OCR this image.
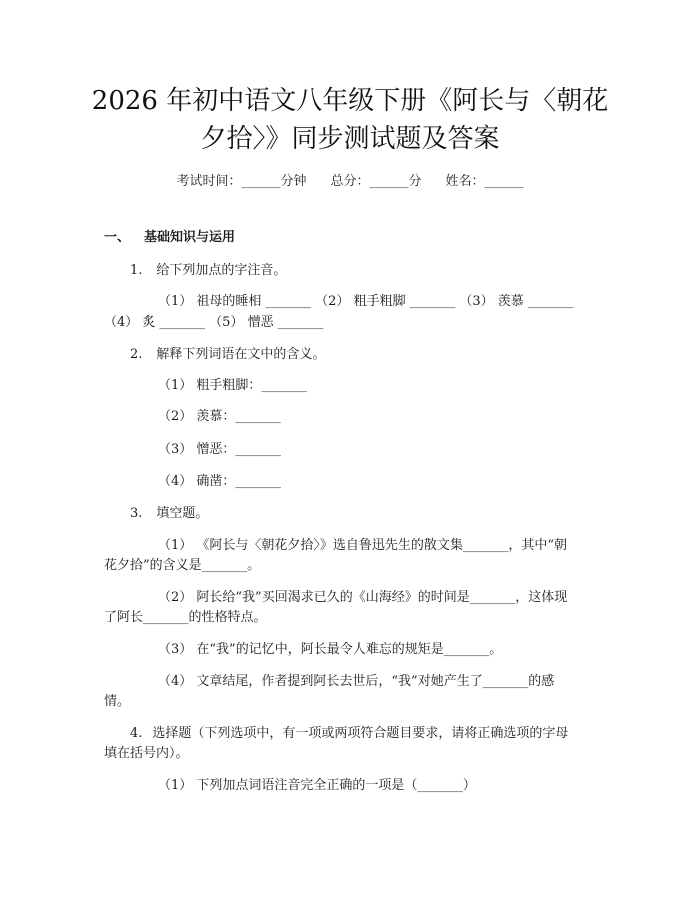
2026 年初中语文八年级下册《阿长与〈朝花
夕拾〉》同步测试题及答案
考试时间：______分钟 总分：______分 姓名：______
一、 基础知识与运用
1. 给下列加点的字注音。
（1） 祖母的睡相 _______ （2） 粗手粗脚 _______ （3） 羡慕 _______
（4） 炙 _______ （5） 憎恶 _______
2. 解释下列词语在文中的含义。
（1） 粗手粗脚：_______
（2） 羡慕：_______
（3） 憎恶：_______
（4） 确凿：_______
3. 填空题。
（1） 《阿长与〈朝花夕拾〉》选自鲁迅先生的散文集_______，其中“朝
花夕拾”的含义是_______。
（2） 阿长给“我”买回渴求已久的《山海经》的时间是_______，这体现
了阿长_______的性格特点。
（3） 在“我”的记忆中，阿长最令人难忘的规矩是_______。
（4） 文章结尾，作者提到阿长去世后，“我”对她产生了_______的感
情。
4. 选择题（下列选项中，有一项或两项符合题目要求，请将正确选项的字母
填在括号内）。
（1） 下列加点词语注音完全正确的一项是（_______）
